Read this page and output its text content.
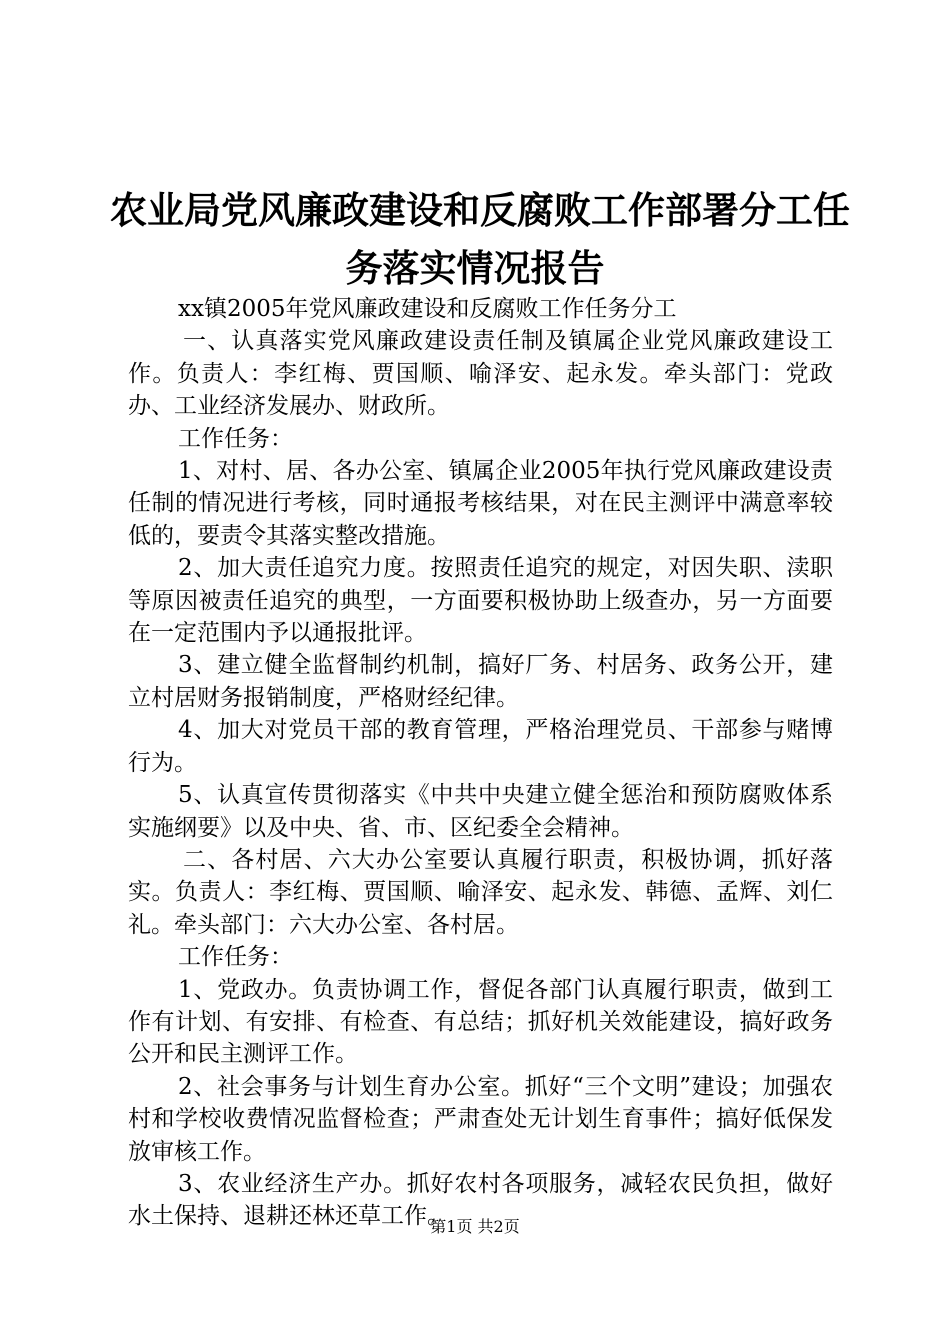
农业局党风廉政建设和反腐败工作部署分工任
务落实情况报告

xx镇2005年党风廉政建设和反腐败工作任务分工

一、认真落实党风廉政建设责任制及镇属企业党风廉政建设工作。负责人：李红梅、贾国顺、喻泽安、起永发。牵头部门：党政办、工业经济发展办、财政所。

工作任务：

1、对村、居、各办公室、镇属企业2005年执行党风廉政建设责任制的情况进行考核，同时通报考核结果，对在民主测评中满意率较低的，要责令其落实整改措施。

2、加大责任追究力度。按照责任追究的规定，对因失职、渎职等原因被责任追究的典型，一方面要积极协助上级查办，另一方面要在一定范围内予以通报批评。

3、建立健全监督制约机制，搞好厂务、村居务、政务公开，建立村居财务报销制度，严格财经纪律。

4、加大对党员干部的教育管理，严格治理党员、干部参与赌博行为。

5、认真宣传贯彻落实《中共中央建立健全惩治和预防腐败体系实施纲要》以及中央、省、市、区纪委全会精神。

二、各村居、六大办公室要认真履行职责，积极协调，抓好落实。负责人：李红梅、贾国顺、喻泽安、起永发、韩德、孟辉、刘仁礼。牵头部门：六大办公室、各村居。

工作任务：

1、党政办。负责协调工作，督促各部门认真履行职责，做到工作有计划、有安排、有检查、有总结；抓好机关效能建设，搞好政务公开和民主测评工作。

2、社会事务与计划生育办公室。抓好“三个文明”建设；加强农村和学校收费情况监督检查；严肃查处无计划生育事件；搞好低保发放审核工作。

3、农业经济生产办。抓好农村各项服务，减轻农民负担，做好水土保持、退耕还林还草工作。

第1页 共2页
